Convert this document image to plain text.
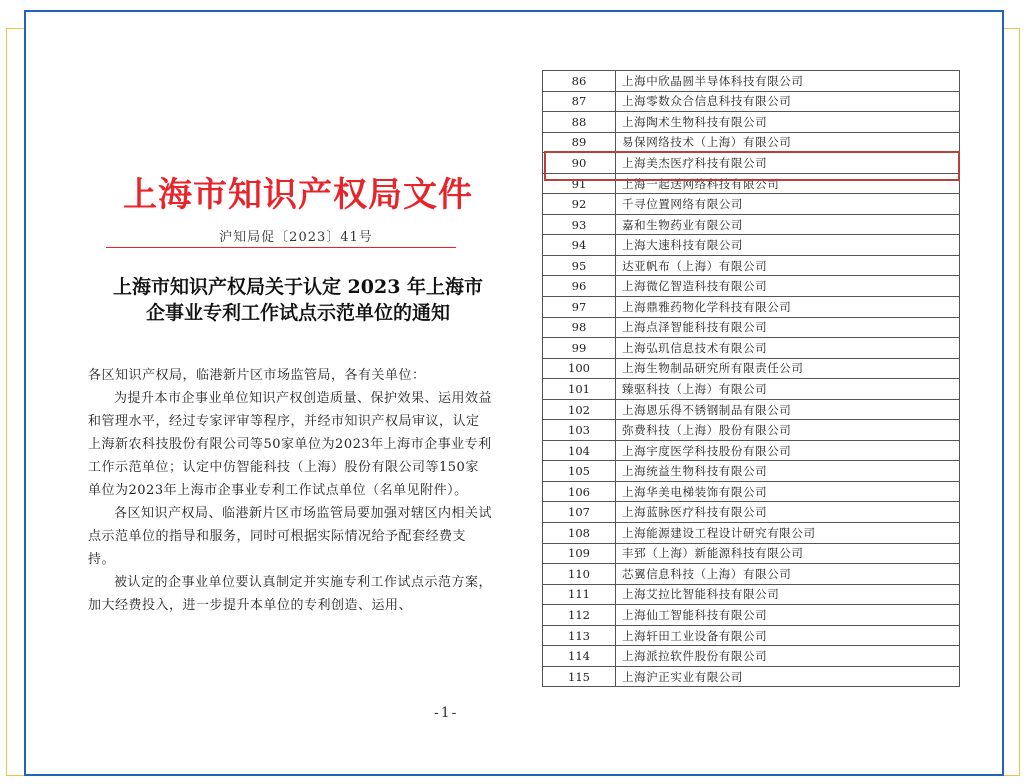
上海市知识产权局文件
沪知局促〔2023〕41号
上海市知识产权局关于认定 2023 年上海市
企事业专利工作试点示范单位的通知

各区知识产权局，临港新片区市场监管局，各有关单位：

为提升本市企事业单位知识产权创造质量、保护效果、运用效益和管理水平，经过专家评审等程序，并经市知识产权局审议，认定上海新农科技股份有限公司等50家单位为2023年上海市企事业专利工作示范单位；认定中仿智能科技（上海）股份有限公司等150家单位为2023年上海市企事业专利工作试点单位（名单见附件）。

各区知识产权局、临港新片区市场监管局要加强对辖区内相关试点示范单位的指导和服务，同时可根据实际情况给予配套经费支持。

被认定的企事业单位要认真制定并实施专利工作试点示范方案，加大经费投入，进一步提升本单位的专利创造、运用、

-1-
86	上海中欣晶圆半导体科技有限公司
87	上海零数众合信息科技有限公司
88	上海陶术生物科技有限公司
89	易保网络技术（上海）有限公司
90	上海美杰医疗科技有限公司
91	上海一起送网络科技有限公司
92	千寻位置网络有限公司
93	嘉和生物药业有限公司
94	上海大速科技有限公司
95	达亚帆布（上海）有限公司
96	上海微亿智造科技有限公司
97	上海鼎雅药物化学科技有限公司
98	上海点泽智能科技有限公司
99	上海弘玑信息技术有限公司
100	上海生物制品研究所有限责任公司
101	臻驱科技（上海）有限公司
102	上海恩乐得不锈钢制品有限公司
103	弥费科技（上海）股份有限公司
104	上海宇度医学科技股份有限公司
105	上海统益生物科技有限公司
106	上海华美电梯装饰有限公司
107	上海蓝脉医疗科技有限公司
108	上海能源建设工程设计研究有限公司
109	丰郅（上海）新能源科技有限公司
110	芯翼信息科技（上海）有限公司
111	上海艾拉比智能科技有限公司
112	上海仙工智能科技有限公司
113	上海轩田工业设备有限公司
114	上海派拉软件股份有限公司
115	上海沪正实业有限公司
